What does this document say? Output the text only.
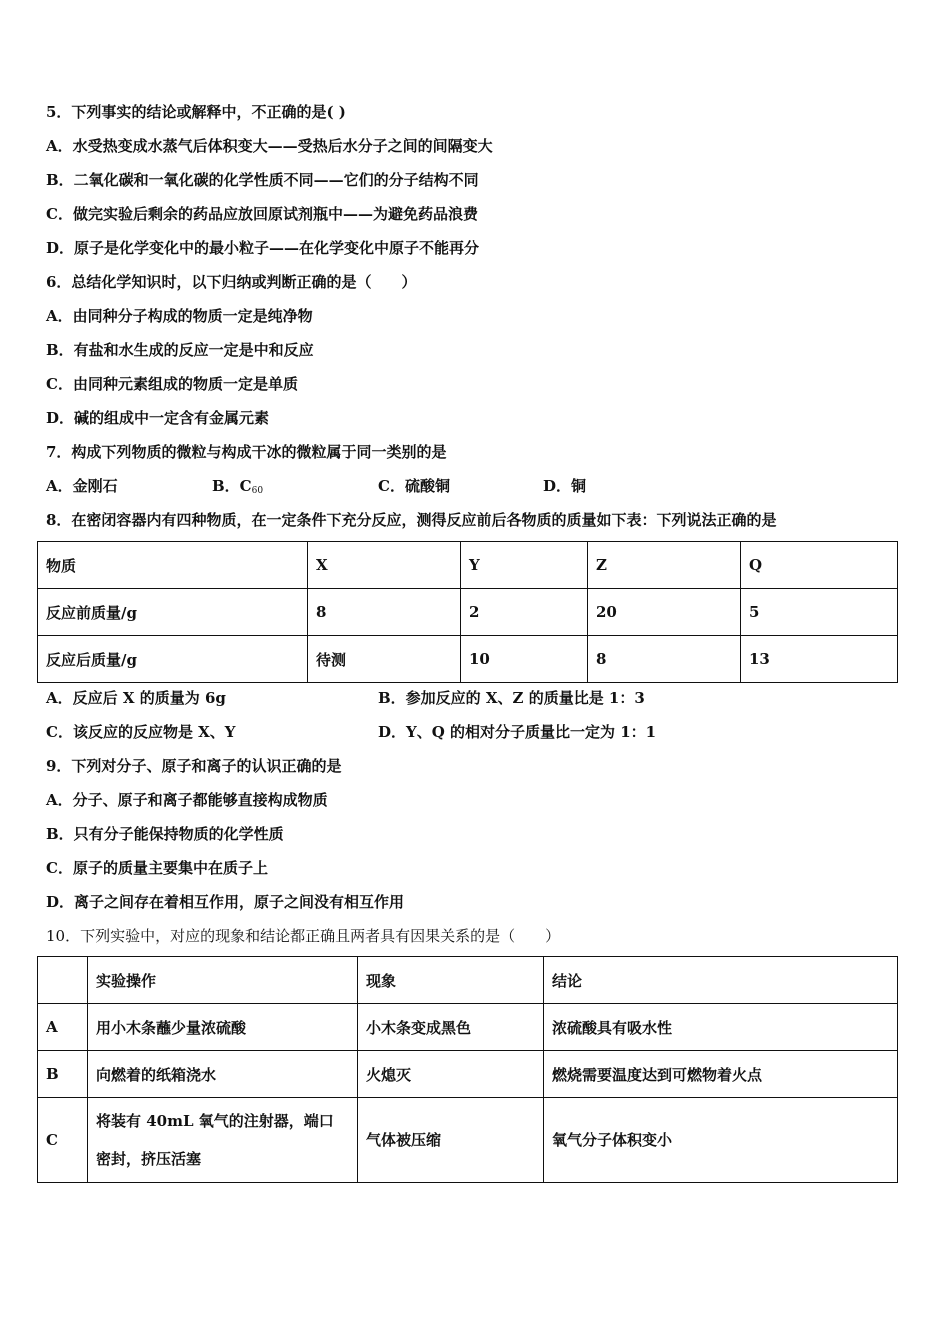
5．下列事实的结论或解释中，不正确的是( )
A．水受热变成水蒸气后体积变大——受热后水分子之间的间隔变大
B．二氧化碳和一氧化碳的化学性质不同——它们的分子结构不同
C．做完实验后剩余的药品应放回原试剂瓶中——为避免药品浪费
D．原子是化学变化中的最小粒子——在化学变化中原子不能再分
6．总结化学知识时，以下归纳或判断正确的是（　　）
A．由同种分子构成的物质一定是纯净物
B．有盐和水生成的反应一定是中和反应
C．由同种元素组成的物质一定是单质
D．碱的组成中一定含有金属元素
7．构成下列物质的微粒与构成干冰的微粒属于同一类别的是
A．金刚石	B．$C_{60}$	C．硫酸铜	D．铜
8．在密闭容器内有四种物质，在一定条件下充分反应，测得反应前后各物质的质量如下表：下列说法正确的是
物质	X	Y	Z	Q
反应前质量/g	8	2	20	5
反应后质量/g	待测	10	8	13
A．反应后 X 的质量为 6g	B．参加反应的 X、Z 的质量比是 1：3
C．该反应的反应物是 X、Y	D．Y、Q 的相对分子质量比一定为 1：1
9．下列对分子、原子和离子的认识正确的是
A．分子、原子和离子都能够直接构成物质
B．只有分子能保持物质的化学性质
C．原子的质量主要集中在质子上
D．离子之间存在着相互作用，原子之间没有相互作用
10．下列实验中，对应的现象和结论都正确且两者具有因果关系的是（　　）
	实验操作	现象	结论
A	用小木条蘸少量浓硫酸	小木条变成黑色	浓硫酸具有吸水性
B	向燃着的纸箱浇水	火熄灭	燃烧需要温度达到可燃物着火点
C	将装有 40mL 氧气的注射器，端口
密封，挤压活塞	气体被压缩	氧气分子体积变小
